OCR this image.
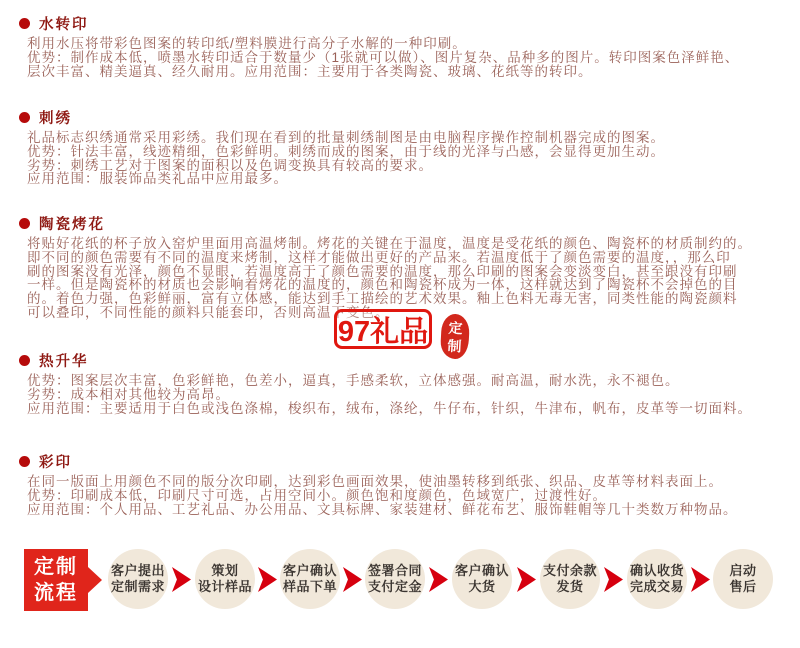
水转印
利用水压将带彩色图案的转印纸/塑料膜进行高分子水解的一种印刷。
优势：制作成本低，喷墨水转印适合于数量少（1张就可以做）、图片复杂、品种多的图片。转印图案色泽鲜艳、
层次丰富、精美逼真、经久耐用。应用范围：主要用于各类陶瓷、玻璃、花纸等的转印。
刺绣
礼品标志织绣通常采用彩绣。我们现在看到的批量刺绣制图是由电脑程序操作控制机器完成的图案。
优势：针法丰富，线迹精细，色彩鲜明。刺绣而成的图案，由于线的光泽与凸感，会显得更加生动。
劣势：刺绣工艺对于图案的面积以及色调变换具有较高的要求。
应用范围：服装饰品类礼品中应用最多。
陶瓷烤花
将贴好花纸的杯子放入窑炉里面用高温烤制。烤花的关键在于温度，温度是受花纸的颜色、陶瓷杯的材质制约的。
即不同的颜色需要有不同的温度来烤制，这样才能做出更好的产品来。若温度低于了颜色需要的温度，，那么印
刷的图案没有光泽，颜色不显眼，若温度高于了颜色需要的温度，那么印刷的图案会变淡变白，甚至跟没有印刷
一样。但是陶瓷杯的材质也会影响着烤花的温度的，颜色和陶瓷杯成为一体，这样就达到了陶瓷杯不会掉色的目
的。着色力强，色彩鲜丽，富有立体感，能达到手工描绘的艺术效果。釉上色料无毒无害，同类性能的陶瓷颜料
可以叠印，不同性能的颜料只能套印，否则高温下变色。
97礼品 定
制
热升华
优势：图案层次丰富，色彩鲜艳，色差小，逼真，手感柔软，立体感强。耐高温，耐水洗，永不褪色。
劣势：成本相对其他较为高昂。
应用范围：主要适用于白色或浅色涤棉，梭织布，绒布，涤纶，牛仔布，针织，牛津布，帆布，皮革等一切面料。
彩印
在同一版面上用颜色不同的版分次印刷，达到彩色画面效果，使油墨转移到纸张、织品、皮革等材料表面上。
优势：印刷成本低，印刷尺寸可选，占用空间小。颜色饱和度颜色，色域宽广，过渡性好。
应用范围：个人用品、工艺礼品、办公用品、文具标牌、家装建材、鲜花布艺、服饰鞋帽等几十类数万种物品。
定制
流程
客户提出
定制需求
策划
设计样品
客户确认
样品下单
签署合同
支付定金
客户确认
大货
支付余款
发货
确认收货
完成交易
启动
售后
